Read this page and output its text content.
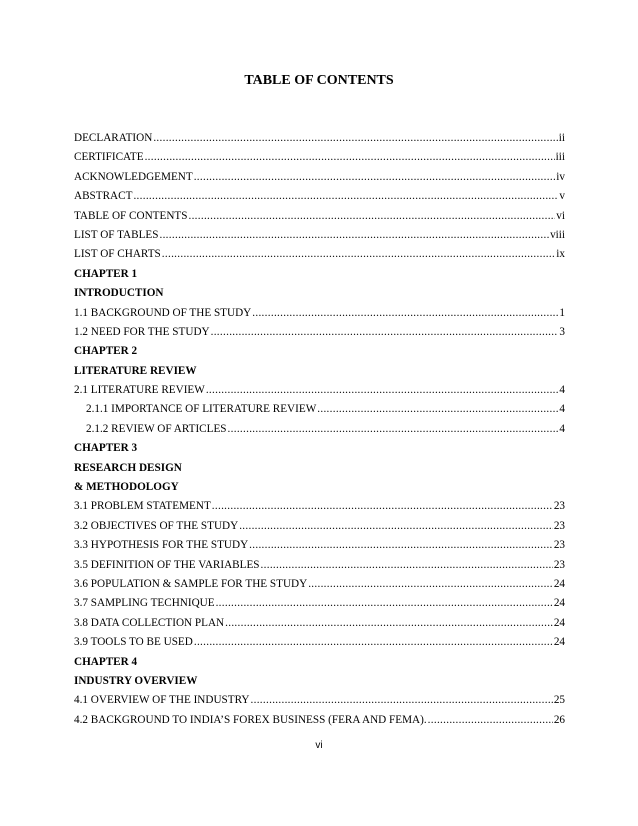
TABLE OF CONTENTS
DECLARATION .....	ii
CERTIFICATE .....	iii
ACKNOWLEDGEMENT .....	iv
ABSTRACT .....	v
TABLE OF CONTENTS .....	vi
LIST OF TABLES .....	viii
LIST OF CHARTS .....	ix
CHAPTER 1
INTRODUCTION
1.1 BACKGROUND OF THE STUDY .....	1
1.2 NEED FOR THE STUDY .....	3
CHAPTER 2
LITERATURE REVIEW
2.1 LITERATURE REVIEW .....	4
2.1.1 IMPORTANCE OF LITERATURE REVIEW .....	4
2.1.2 REVIEW OF ARTICLES .....	4
CHAPTER 3
RESEARCH DESIGN
& METHODOLOGY
3.1 PROBLEM STATEMENT .....	23
3.2 OBJECTIVES OF THE STUDY .....	23
3.3 HYPOTHESIS FOR THE STUDY .....	23
3.5 DEFINITION OF THE VARIABLES .....	23
3.6 POPULATION & SAMPLE FOR THE STUDY .....	24
3.7 SAMPLING TECHNIQUE .....	24
3.8 DATA COLLECTION PLAN .....	24
3.9 TOOLS TO BE USED .....	24
CHAPTER 4
INDUSTRY OVERVIEW
4.1 OVERVIEW OF THE INDUSTRY .....	25
4.2 BACKGROUND TO INDIA’S FOREX BUSINESS (FERA AND FEMA). .....	26
vi
